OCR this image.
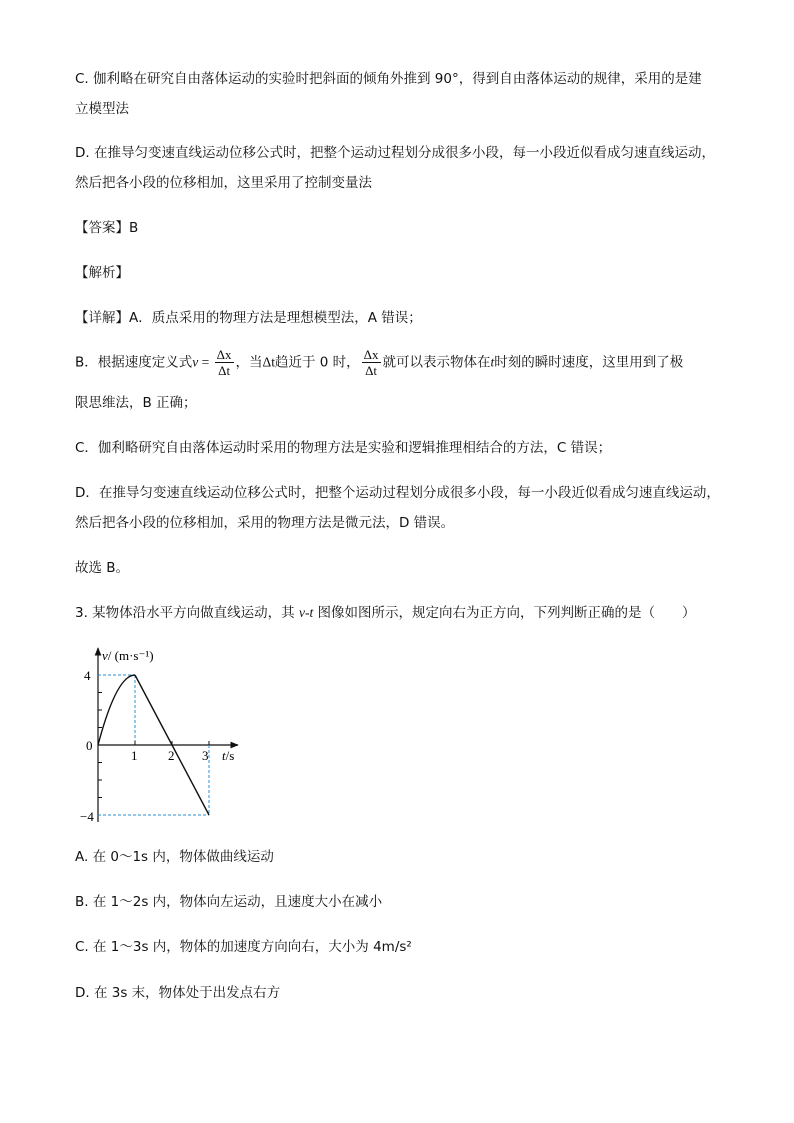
C. 伽利略在研究自由落体运动的实验时把斜面的倾角外推到 90°，得到自由落体运动的规律，采用的是建
立模型法
D. 在推导匀变速直线运动位移公式时，把整个运动过程划分成很多小段，每一小段近似看成匀速直线运动，
然后把各小段的位移相加，这里采用了控制变量法
【答案】B
【解析】
【详解】A．质点采用的物理方法是理想模型法，A 错误；
B．根据速度定义式$v = \frac{\Delta x}{\Delta t}$ ，当Δt趋近于 0 时， $\frac{\Delta x}{\Delta t}$ 就可以表示物体在t时刻的瞬时速度，这里用到了极
限思维法，B 正确；
C．伽利略研究自由落体运动时采用的物理方法是实验和逻辑推理相结合的方法，C 错误；
D．在推导匀变速直线运动位移公式时，把整个运动过程划分成很多小段，每一小段近似看成匀速直线运动，
然后把各小段的位移相加，采用的物理方法是微元法，D 错误。
故选 B。
3. 某物体沿水平方向做直线运动，其 v-t 图像如图所示，规定向右为正方向，下列判断正确的是（　　）
v/ (m·s⁻¹)
t/s
4
−4
0
1 2 3
A. 在 0～1s 内，物体做曲线运动
B. 在 1～2s 内，物体向左运动，且速度大小在减小
C. 在 1～3s 内，物体的加速度方向向右，大小为 4m/s²
D. 在 3s 末，物体处于出发点右方
